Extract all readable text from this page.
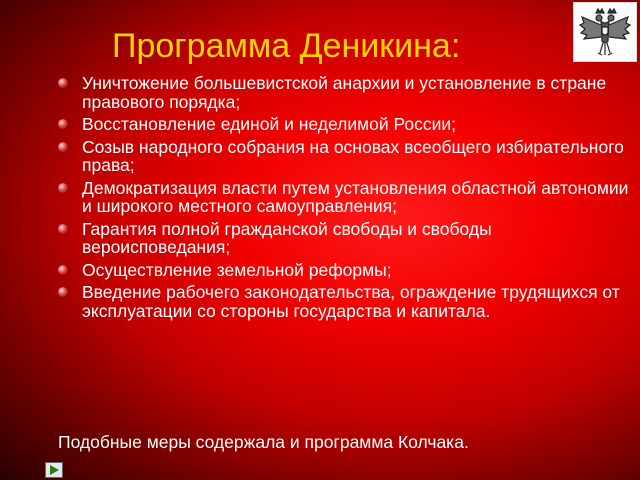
Программа Деникина:
Уничтожение большевистской анархии и установление в стране правового порядка;
Восстановление единой и неделимой России;
Созыв народного собрания на основах всеобщего избирательного права;
Демократизация власти путем установления областной автономии и широкого местного самоуправления;
Гарантия полной гражданской свободы и свободы вероисповедания;
Осуществление земельной реформы;
Введение рабочего законодательства, ограждение трудящихся от эксплуатации со стороны государства и капитала.
Подобные меры содержала и программа Колчака.
